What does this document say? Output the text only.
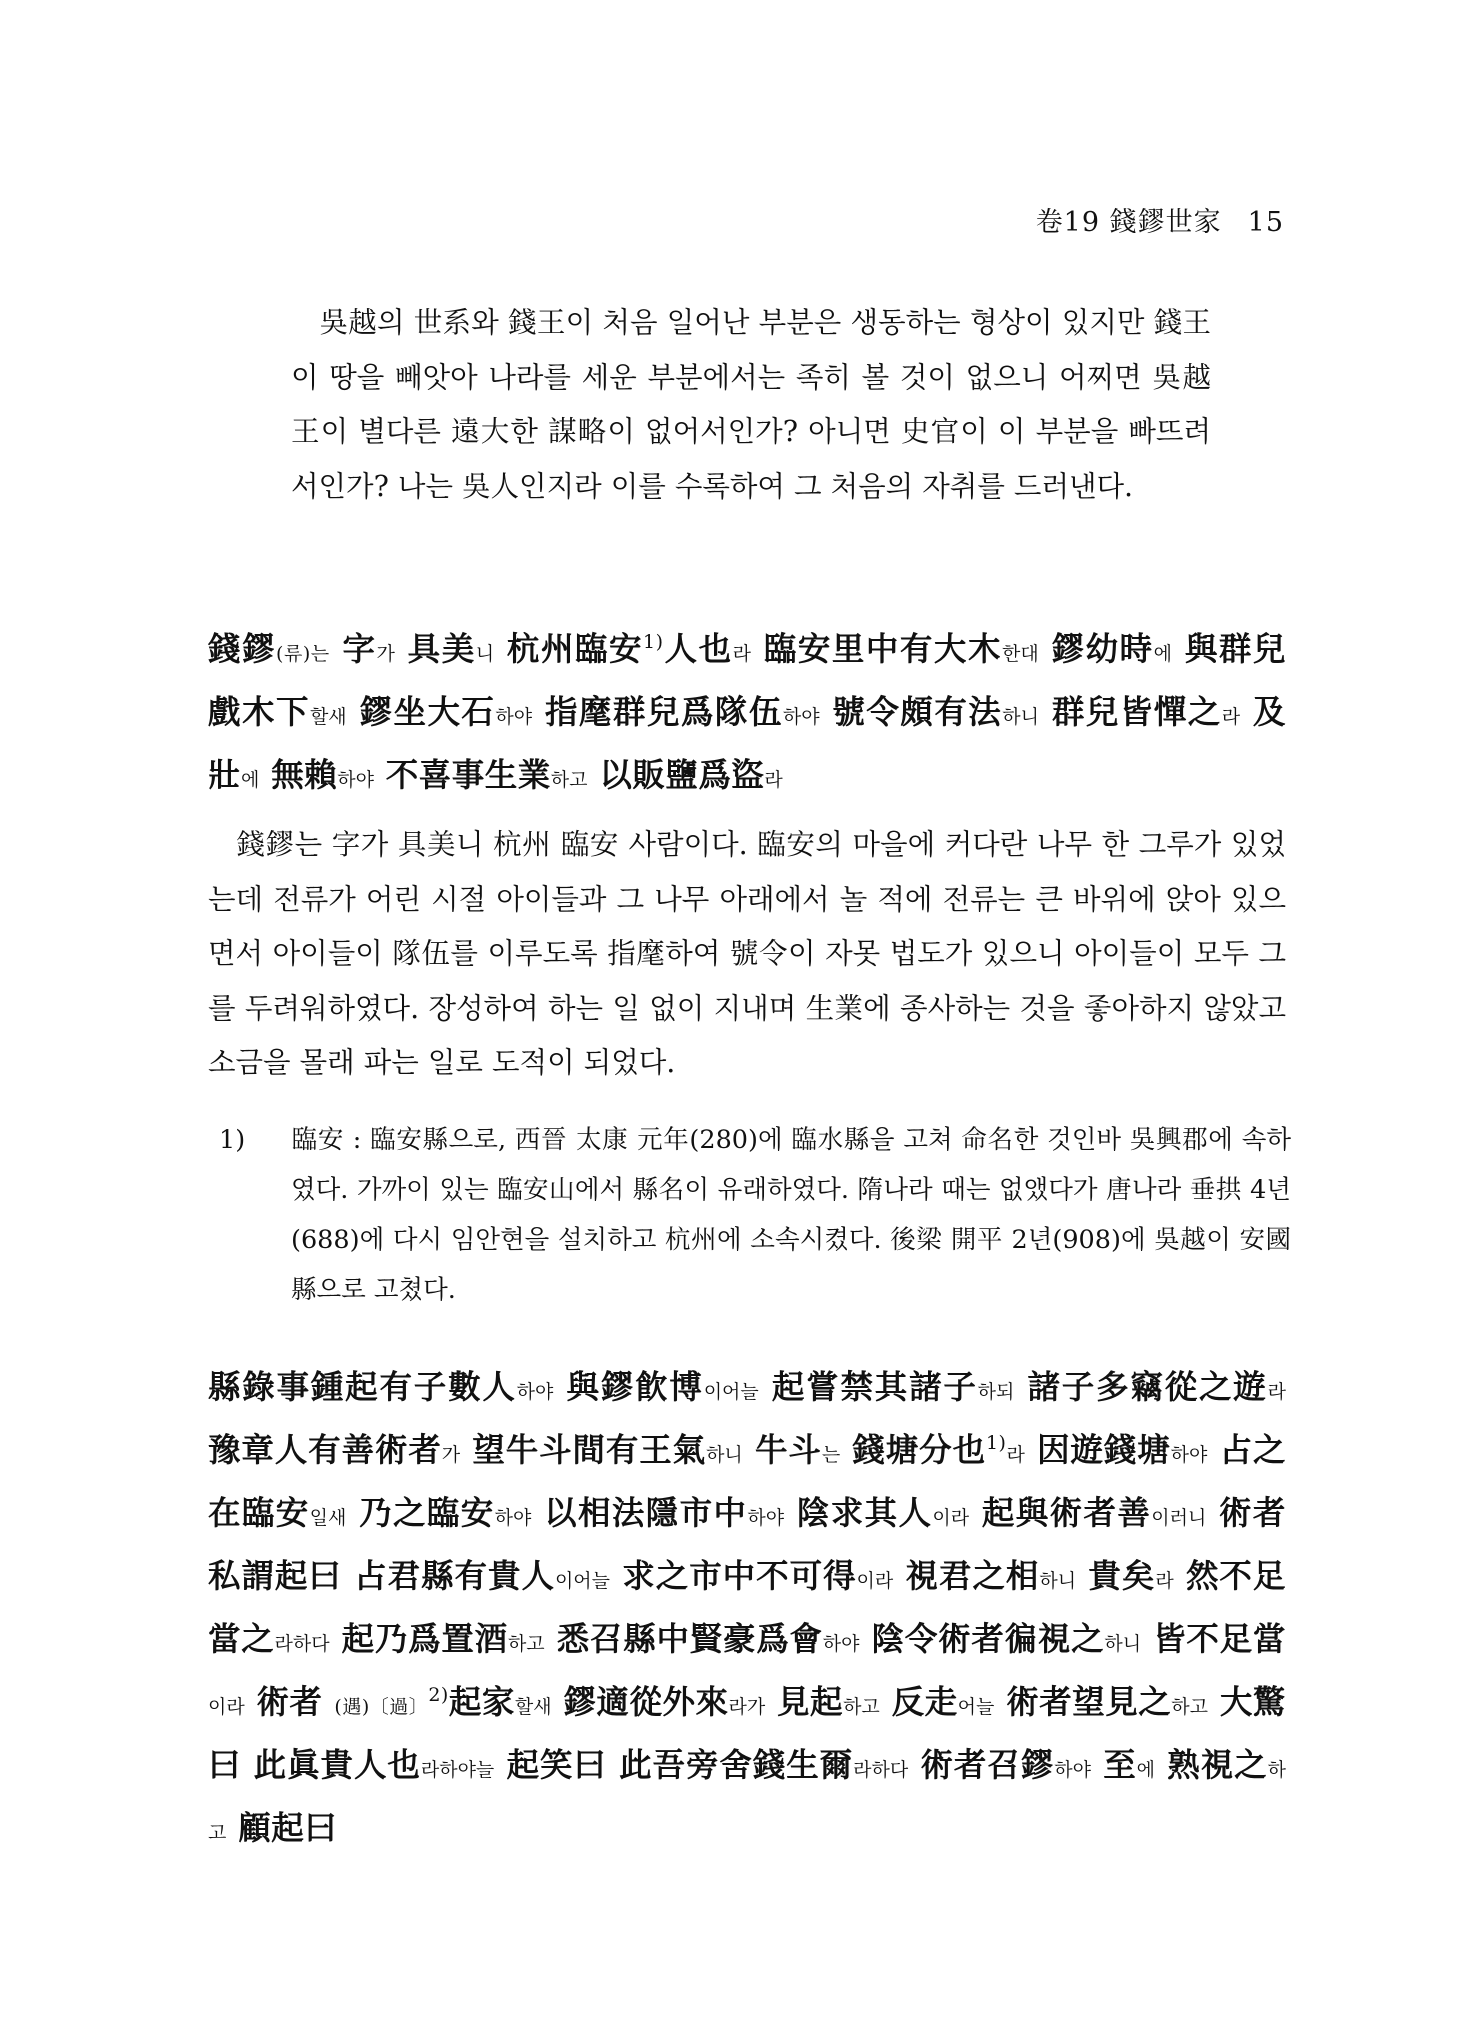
卷19 錢鏐世家 15
吳越의 世系와 錢王이 처음 일어난 부분은 생동하는 형상이 있지만 錢王이 땅을 빼앗아 나라를 세운 부분에서는 족히 볼 것이 없으니 어찌면 吳越王이 별다른 遠大한 謀略이 없어서인가? 아니면 史官이 이 부분을 빠뜨려서인가? 나는 吳人인지라 이를 수록하여 그 처음의 자취를 드러낸다.
錢鏐(류)는 字가 具美니 杭州臨安$^{1)}$人也라 臨安里中有大木한대 鏐幼時에 與群兒戲木下할새 鏐坐大石하야 指麾群兒爲隊伍하야 號令頗有法하니 群兒皆憚之라 及壯에 無賴하야 不喜事生業하고 以販鹽爲盜라
錢鏐는 字가 具美니 杭州 臨安 사람이다. 臨安의 마을에 커다란 나무 한 그루가 있었는데 전류가 어린 시절 아이들과 그 나무 아래에서 놀 적에 전류는 큰 바위에 앉아 있으면서 아이들이 隊伍를 이루도록 指麾하여 號令이 자못 법도가 있으니 아이들이 모두 그를 두려워하였다. 장성하여 하는 일 없이 지내며 生業에 종사하는 것을 좋아하지 않았고 소금을 몰래 파는 일로 도적이 되었다.
1) 臨安 : 臨安縣으로, 西晉 太康 元年(280)에 臨水縣을 고쳐 命名한 것인바 吳興郡에 속하였다. 가까이 있는 臨安山에서 縣名이 유래하였다. 隋나라 때는 없앴다가 唐나라 垂拱 4년(688)에 다시 임안현을 설치하고 杭州에 소속시켰다. 後梁 開平 2년(908)에 吳越이 安國縣으로 고쳤다.
縣錄事鍾起有子數人하야 與鏐飮博이어늘 起嘗禁其諸子하되 諸子多竊從之遊라 豫章人有善術者가 望牛斗間有王氣하니 牛斗는 錢塘分也$^{1)}$라 因遊錢塘하야 占之在臨安일새 乃之臨安하야 以相法隱市中하야 陰求其人이라 起與術者善이러니 術者私謂起曰 占君縣有貴人이어늘 求之市中不可得이라 視君之相하니 貴矣라 然不足當之라하다 起乃爲置酒하고 悉召縣中賢豪爲會하야 陰令術者徧視之하니 皆不足當이라 術者 (遇)〔過〕$^{2)}$起家할새 鏐適從外來라가 見起하고 反走어늘 術者望見之하고 大驚曰 此眞貴人也라하야늘 起笑曰 此吾旁舍錢生爾라하다 術者召鏐하야 至에 熟視之하고 顧起曰
